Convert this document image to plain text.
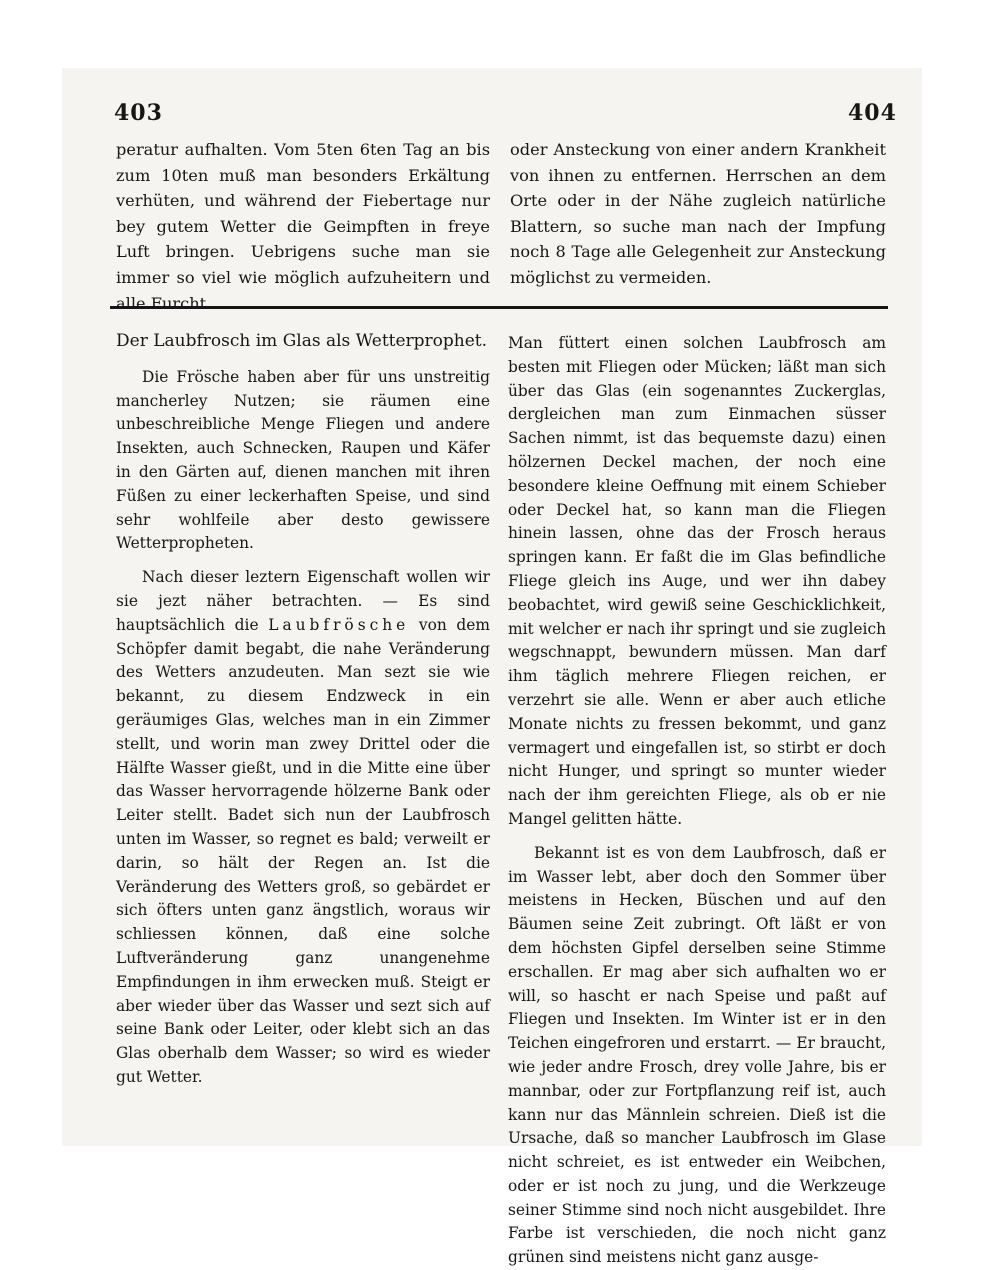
403	404

peratur aufhalten. Vom 5ten 6ten Tag an bis zum 10ten muß man besonders Erkältung verhüten, und während der Fiebertage nur bey gutem Wetter die Geimpften in freye Luft bringen. Uebrigens suche man sie immer so viel wie möglich aufzuheitern und alle Furcht

oder Ansteckung von einer andern Krankheit von ihnen zu entfernen. Herrschen an dem Orte oder in der Nähe zugleich natürliche Blattern, so suche man nach der Impfung noch 8 Tage alle Gelegenheit zur Ansteckung möglichst zu vermeiden.

Der Laubfrosch im Glas als Wetterprophet.

Die Frösche haben aber für uns unstreitig mancherley Nutzen; sie räumen eine unbeschreibliche Menge Fliegen und andere Insekten, auch Schnecken, Raupen und Käfer in den Gärten auf, dienen manchen mit ihren Füßen zu einer leckerhaften Speise, und sind sehr wohlfeile aber desto gewissere Wetterpropheten.

Nach dieser leztern Eigenschaft wollen wir sie jezt näher betrachten. — Es sind hauptsächlich die Laubfrösche von dem Schöpfer damit begabt, die nahe Veränderung des Wetters anzudeuten. Man sezt sie wie bekannt, zu diesem Endzweck in ein geräumiges Glas, welches man in ein Zimmer stellt, und worin man zwey Drittel oder die Hälfte Wasser gießt, und in die Mitte eine über das Wasser hervorragende hölzerne Bank oder Leiter stellt. Badet sich nun der Laubfrosch unten im Wasser, so regnet es bald; verweilt er darin, so hält der Regen an. Ist die Veränderung des Wetters groß, so gebärdet er sich öfters unten ganz ängstlich, woraus wir schliessen können, daß eine solche Luftveränderung ganz unangenehme Empfindungen in ihm erwecken muß. Steigt er aber wieder über das Wasser und sezt sich auf seine Bank oder Leiter, oder klebt sich an das Glas oberhalb dem Wasser; so wird es wieder gut Wetter.

Man füttert einen solchen Laubfrosch am besten mit Fliegen oder Mücken; läßt man sich über das Glas (ein sogenanntes Zuckerglas, dergleichen man zum Einmachen süsser Sachen nimmt, ist das bequemste dazu) einen hölzernen Deckel machen, der noch eine besondere kleine Oeffnung mit einem Schieber oder Deckel hat, so kann man die Fliegen hinein lassen, ohne das der Frosch heraus springen kann. Er faßt die im Glas befindliche Fliege gleich ins Auge, und wer ihn dabey beobachtet, wird gewiß seine Geschicklichkeit, mit welcher er nach ihr springt und sie zugleich wegschnappt, bewundern müssen. Man darf ihm täglich mehrere Fliegen reichen, er verzehrt sie alle. Wenn er aber auch etliche Monate nichts zu fressen bekommt, und ganz vermagert und eingefallen ist, so stirbt er doch nicht Hunger, und springt so munter wieder nach der ihm gereichten Fliege, als ob er nie Mangel gelitten hätte.

Bekannt ist es von dem Laubfrosch, daß er im Wasser lebt, aber doch den Sommer über meistens in Hecken, Büschen und auf den Bäumen seine Zeit zubringt. Oft läßt er von dem höchsten Gipfel derselben seine Stimme erschallen. Er mag aber sich aufhalten wo er will, so hascht er nach Speise und paßt auf Fliegen und Insekten. Im Winter ist er in den Teichen eingefroren und erstarrt. — Er braucht, wie jeder andre Frosch, drey volle Jahre, bis er mannbar, oder zur Fortpflanzung reif ist, auch kann nur das Männlein schreien. Dieß ist die Ursache, daß so mancher Laubfrosch im Glase nicht schreiet, es ist entweder ein Weibchen, oder er ist noch zu jung, und die Werkzeuge seiner Stimme sind noch nicht ausgebildet. Ihre Farbe ist verschieden, die noch nicht ganz grünen sind meistens nicht ganz ausge-
